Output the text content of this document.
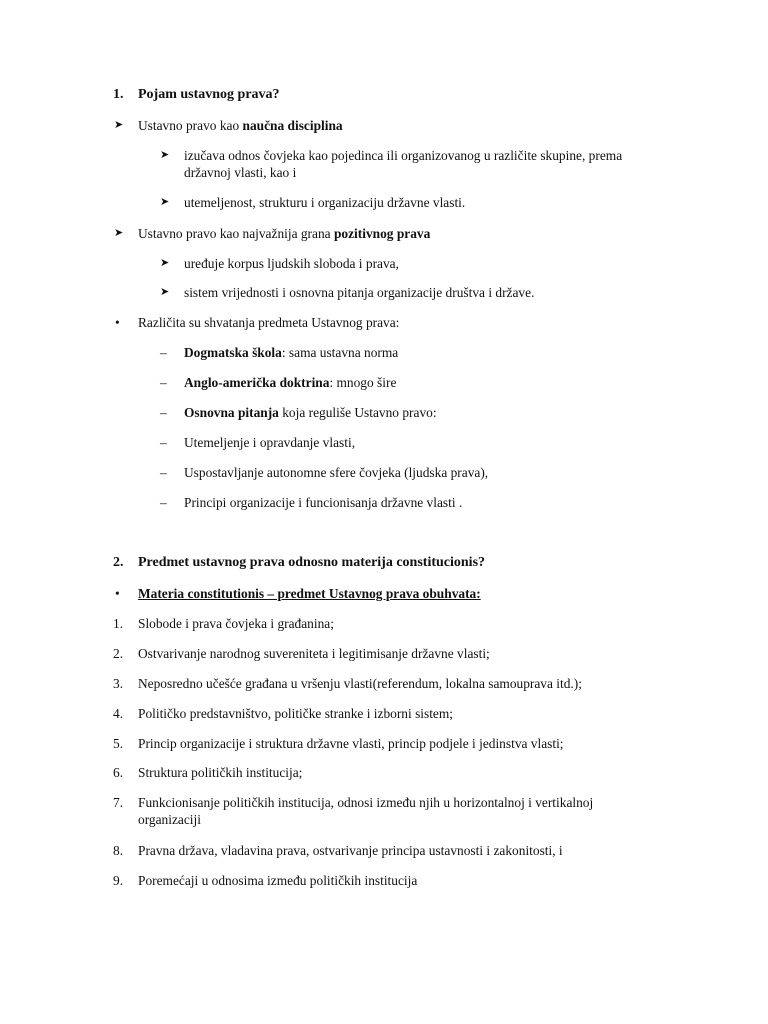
1. Pojam ustavnog prava?
➤ Ustavno pravo kao naučna disciplina
➤ izučava odnos čovjeka kao pojedinca ili organizovanog u različite skupine, prema državnoj vlasti, kao i
➤ utemeljenost, strukturu i organizaciju državne vlasti.
➤ Ustavno pravo kao najvažnija grana pozitivnog prava
➤ uređuje korpus ljudskih sloboda i prava,
➤ sistem vrijednosti i osnovna pitanja organizacije društva i države.
• Različita su shvatanja predmeta Ustavnog prava:
– Dogmatska škola: sama ustavna norma
– Anglo-američka doktrina: mnogo šire
– Osnovna pitanja koja reguliše Ustavno pravo:
– Utemeljenje i opravdanje vlasti,
– Uspostavljanje autonomne sfere čovjeka (ljudska prava),
– Principi organizacije i funcionisanja državne vlasti .
2. Predmet ustavnog prava odnosno materija constitucionis?
• Materia constitutionis – predmet Ustavnog prava obuhvata:
1. Slobode i prava čovjeka i građanina;
2. Ostvarivanje narodnog suvereniteta i legitimisanje državne vlasti;
3. Neposredno učešće građana u vršenju vlasti(referendum, lokalna samouprava itd.);
4. Političko predstavništvo, političke stranke i izborni sistem;
5. Princip organizacije i struktura državne vlasti, princip podjele i jedinstva vlasti;
6. Struktura političkih institucija;
7. Funkcionisanje političkih institucija, odnosi između njih u horizontalnoj i vertikalnoj organizaciji
8. Pravna država, vladavina prava, ostvarivanje principa ustavnosti i zakonitosti, i
9. Poremećaji u odnosima između političkih institucija
